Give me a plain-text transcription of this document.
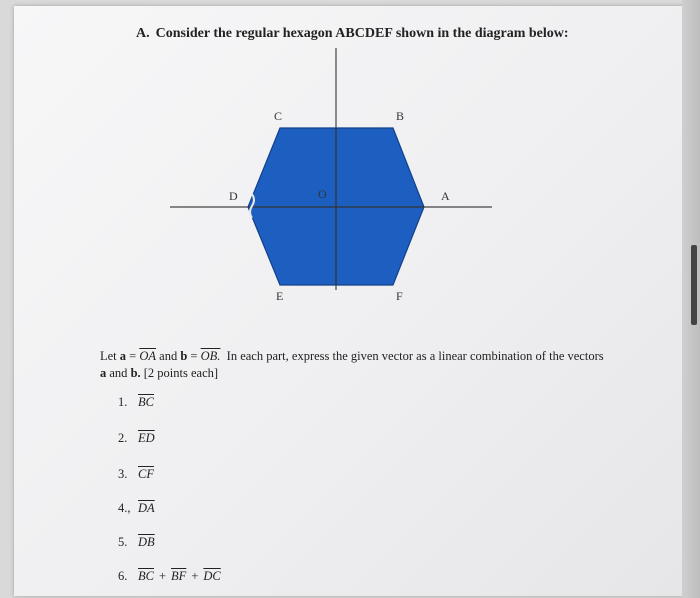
A. Consider the regular hexagon ABCDEF shown in the diagram below:
C	B
D	A
O
E	F
Let $a = \overline{OA}$ and b = OB. In each part, express the given vector as a linear combination of the vectors a and b. [2 points each]
1. $\overline{BC}$
2. $\overline{ED}$
3. $\overline{CF}$
4., $\overline{DA}$
5. $\overline{DB}$
6. $\overline{BC} + \overline{BF} + \overline{DC}$
